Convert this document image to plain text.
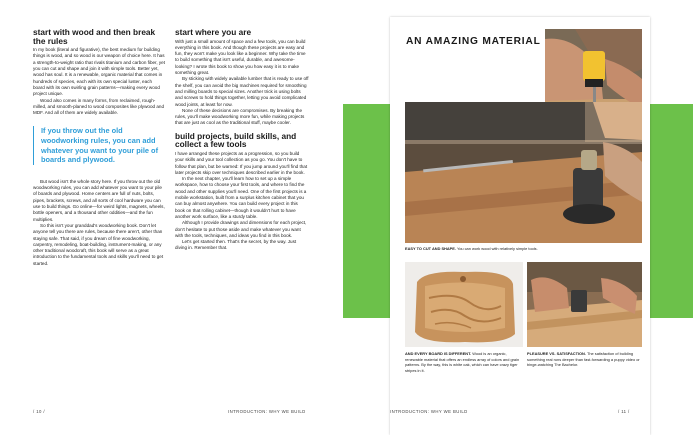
start with wood and then break the rules

In my book (literal and figurative), the best medium for building things is wood, and so wood is our weapon of choice here. It has a strength-to-weight ratio that rivals titanium and carbon fiber, yet you can cut and shape and join it with simple tools. Better yet, wood has soul. It is a renewable, organic material that comes in hundreds of species, each with its own special luster, each board with its own swirling grain patterns—making every wood project unique.

Wood also comes in many forms, from reclaimed, rough-milled, and smooth-planed to wood composites like plywood and MDF. And all of them are widely available.

If you throw out the old woodworking rules, you can add whatever you want to your pile of boards and plywood.

But wood isn't the whole story here. If you throw out the old woodworking rules, you can add whatever you want to your pile of boards and plywood. Home centers are full of nuts, bolts, pipes, brackets, screws, and all sorts of cool hardware you can use to build things. Go online—for weird lights, magnets, wheels, bottle openers, and a thousand other oddities—and the fun multiplies.

So this isn't your granddad's woodworking book. Don't let anyone tell you there are rules, because there aren't, other than staying safe. That said, if you dream of fine woodworking, carpentry, remodeling, boat-building, instrument-making, or any other traditional woodcraft, this book will serve as a great introduction to the fundamental tools and skills you'll need to get started.

start where you are

With just a small amount of space and a few tools, you can build everything in this book. And though these projects are easy and fun, they won't make you look like a beginner. Why take the time to build something that isn't useful, durable, and awesome-looking? I wrote this book to show you how easy it is to make something great.

By sticking with widely available lumber that is ready to use off the shelf, you can avoid the big machines required for smoothing and milling boards to special sizes. Another trick is using bolts and screws to hold things together, letting you avoid complicated wood joints, at least for now.

None of these decisions are compromises. By breaking the rules, you'll make woodworking more fun, while making projects that are just as cool as the traditional stuff, maybe cooler.

build projects, build skills, and collect a few tools

I have arranged these projects as a progression, so you build your skills and your tool collection as you go. You don't have to follow that plan, but be warned: If you jump around you'll find that later projects skip over techniques described earlier in the book.

In the next chapter, you'll learn how to set up a simple workspace, how to choose your first tools, and where to find the wood and other supplies you'll need. One of the first projects is a mobile workstation, built from a surplus kitchen cabinet that you can buy almost anywhere. You can build every project in this book on that rolling cabinet—though it wouldn't hurt to have another work surface, like a sturdy table.

Although I provide drawings and dimensions for each project, don't hesitate to put those aside and make whatever you want with the tools, techniques, and ideas you find in this book.

Let's get started then. That's the secret, by the way. Just diving in. Remember that.

/ 10 /	INTRODUCTION: WHY WE BUILD
AN AMAZING MATERIAL
EASY TO CUT AND SHAPE. You can work wood with relatively simple tools.
AND EVERY BOARD IS DIFFERENT. Wood is an organic, renewable material that offers an endless array of colors and grain patterns. By the way, this is white oak, which can have crazy tiger stripes in it.
PLEASURE VS. SATISFACTION. The satisfaction of building something real runs deeper than fast-forwarding a puppy video or binge-watching The Bachelor.
INTRODUCTION: WHY WE BUILD	/ 11 /
